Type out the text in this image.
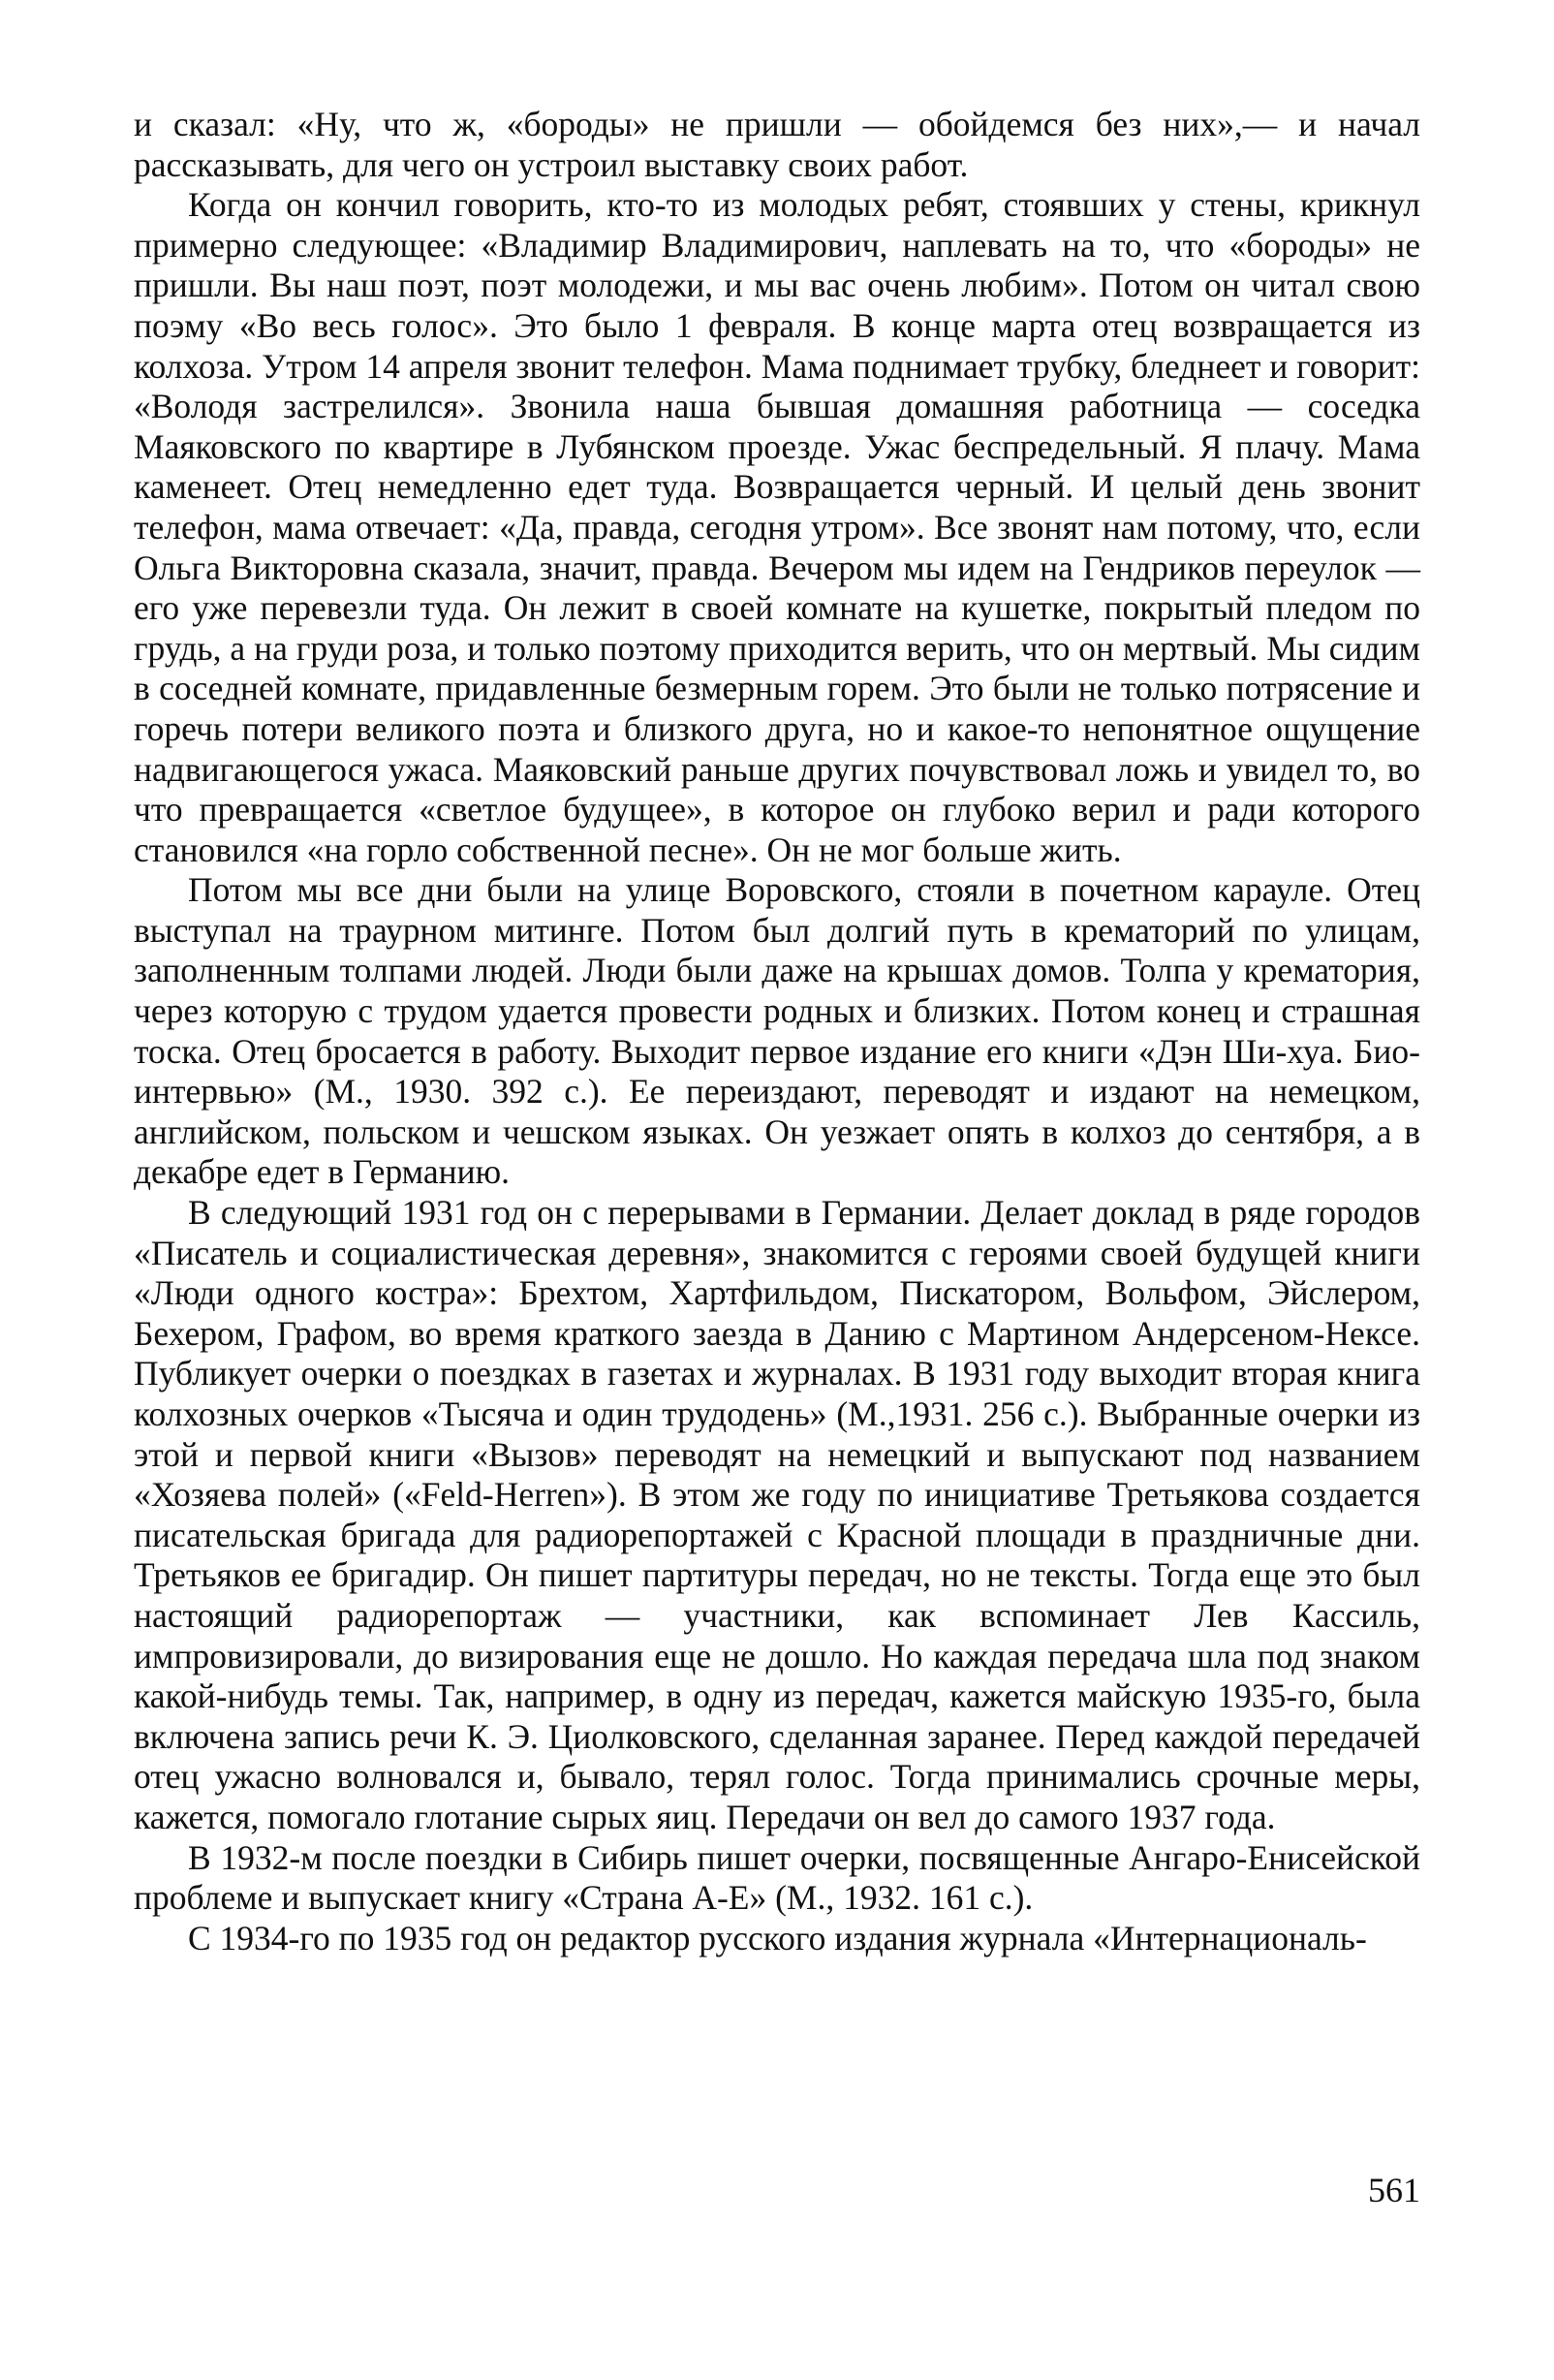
и сказал: «Ну, что ж, «бороды» не пришли — обойдемся без них»,— и начал рассказывать, для чего он устроил выставку своих работ.

Когда он кончил говорить, кто-то из молодых ребят, стоявших у стены, крикнул примерно следующее: «Владимир Владимирович, наплевать на то, что «бороды» не пришли. Вы наш поэт, поэт молодежи, и мы вас очень любим». Потом он читал свою поэму «Во весь голос». Это было 1 февраля. В конце марта отец возвращается из колхоза. Утром 14 апреля звонит телефон. Мама поднимает трубку, бледнеет и говорит: «Володя застрелился». Звонила наша бывшая домашняя работница — соседка Маяковского по квартире в Лубянском проезде. Ужас беспредельный. Я плачу. Мама каменеет. Отец немедленно едет туда. Возвращается черный. И целый день звонит телефон, мама отвечает: «Да, правда, сегодня утром». Все звонят нам потому, что, если Ольга Викторовна сказала, значит, правда. Вечером мы идем на Гендриков переулок — его уже перевезли туда. Он лежит в своей комнате на кушетке, покрытый пледом по грудь, а на груди роза, и только поэтому приходится верить, что он мертвый. Мы сидим в соседней комнате, придавленные безмерным горем. Это были не только потрясение и горечь потери великого поэта и близкого друга, но и какое-то непонятное ощущение надвигающегося ужаса. Маяковский раньше других почувствовал ложь и увидел то, во что превращается «светлое будущее», в которое он глубоко верил и ради которого становился «на горло собственной песне». Он не мог больше жить.

Потом мы все дни были на улице Воровского, стояли в почетном карауле. Отец выступал на траурном митинге. Потом был долгий путь в крематорий по улицам, заполненным толпами людей. Люди были даже на крышах домов. Толпа у крематория, через которую с трудом удается провести родных и близких. Потом конец и страшная тоска. Отец бросается в работу. Выходит первое издание его книги «Дэн Ши-хуа. Био-интервью» (М., 1930. 392 с.). Ее переиздают, переводят и издают на немецком, английском, польском и чешском языках. Он уезжает опять в колхоз до сентября, а в декабре едет в Германию.

В следующий 1931 год он с перерывами в Германии. Делает доклад в ряде городов «Писатель и социалистическая деревня», знакомится с героями своей будущей книги «Люди одного костра»: Брехтом, Хартфильдом, Пискатором, Вольфом, Эйслером, Бехером, Графом, во время краткого заезда в Данию с Мартином Андерсеном-Нексе. Публикует очерки о поездках в газетах и журналах. В 1931 году выходит вторая книга колхозных очерков «Тысяча и один трудодень» (М.,1931. 256 с.). Выбранные очерки из этой и первой книги «Вызов» переводят на немецкий и выпускают под названием «Хозяева полей» («Feld-Herren»). В этом же году по инициативе Третьякова создается писательская бригада для радиорепортажей с Красной площади в праздничные дни. Третьяков ее бригадир. Он пишет партитуры передач, но не тексты. Тогда еще это был настоящий радиорепортаж — участники, как вспоминает Лев Кассиль, импровизировали, до визирования еще не дошло. Но каждая передача шла под знаком какой-нибудь темы. Так, например, в одну из передач, кажется майскую 1935-го, была включена запись речи К. Э. Циолковского, сделанная заранее. Перед каждой передачей отец ужасно волновался и, бывало, терял голос. Тогда принимались срочные меры, кажется, помогало глотание сырых яиц. Передачи он вел до самого 1937 года.

В 1932-м после поездки в Сибирь пишет очерки, посвященные Ангаро-Енисейской проблеме и выпускает книгу «Страна А-Е» (М., 1932. 161 с.).

С 1934-го по 1935 год он редактор русского издания журнала «Интернациональ-

561
